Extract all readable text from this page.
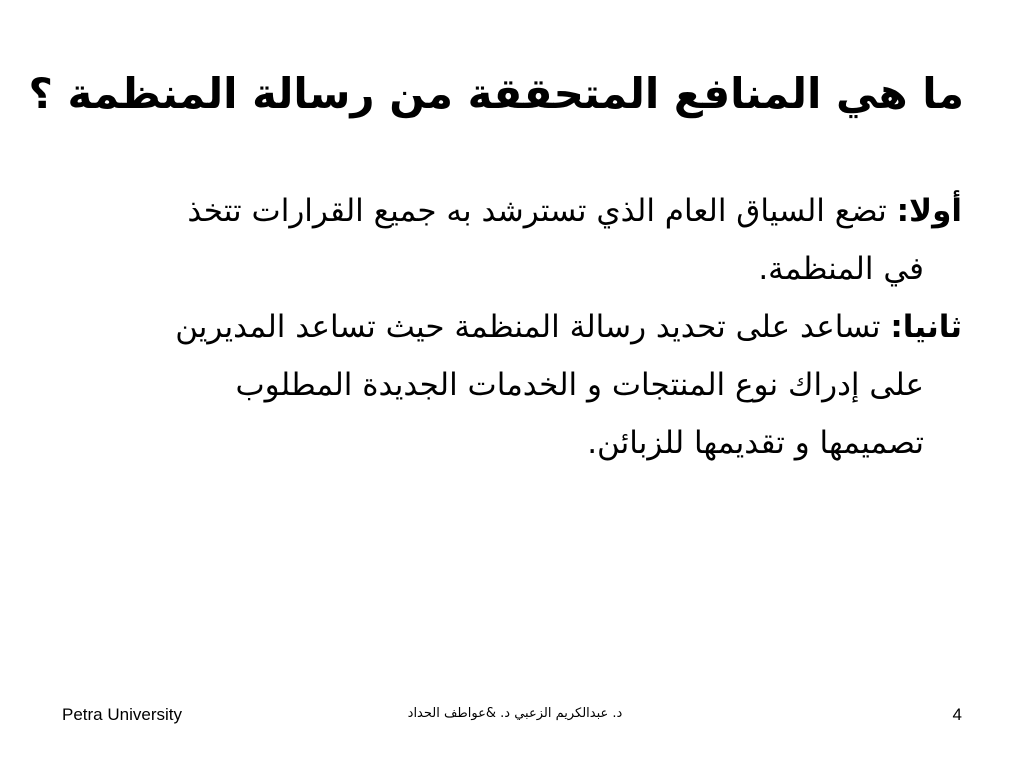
ما هي المنافع المتحققة من رسالة المنظمة ؟
أولا: تضع السياق العام الذي تسترشد به جميع القرارات تتخذ
في المنظمة.
ثانيا: تساعد على تحديد رسالة المنظمة حيث تساعد المديرين
على إدراك نوع المنتجات و الخدمات الجديدة المطلوب
تصميمها و تقديمها للزبائن.
Petra University	د. عبدالكريم الزعبي د. &عواطف الحداد	4
